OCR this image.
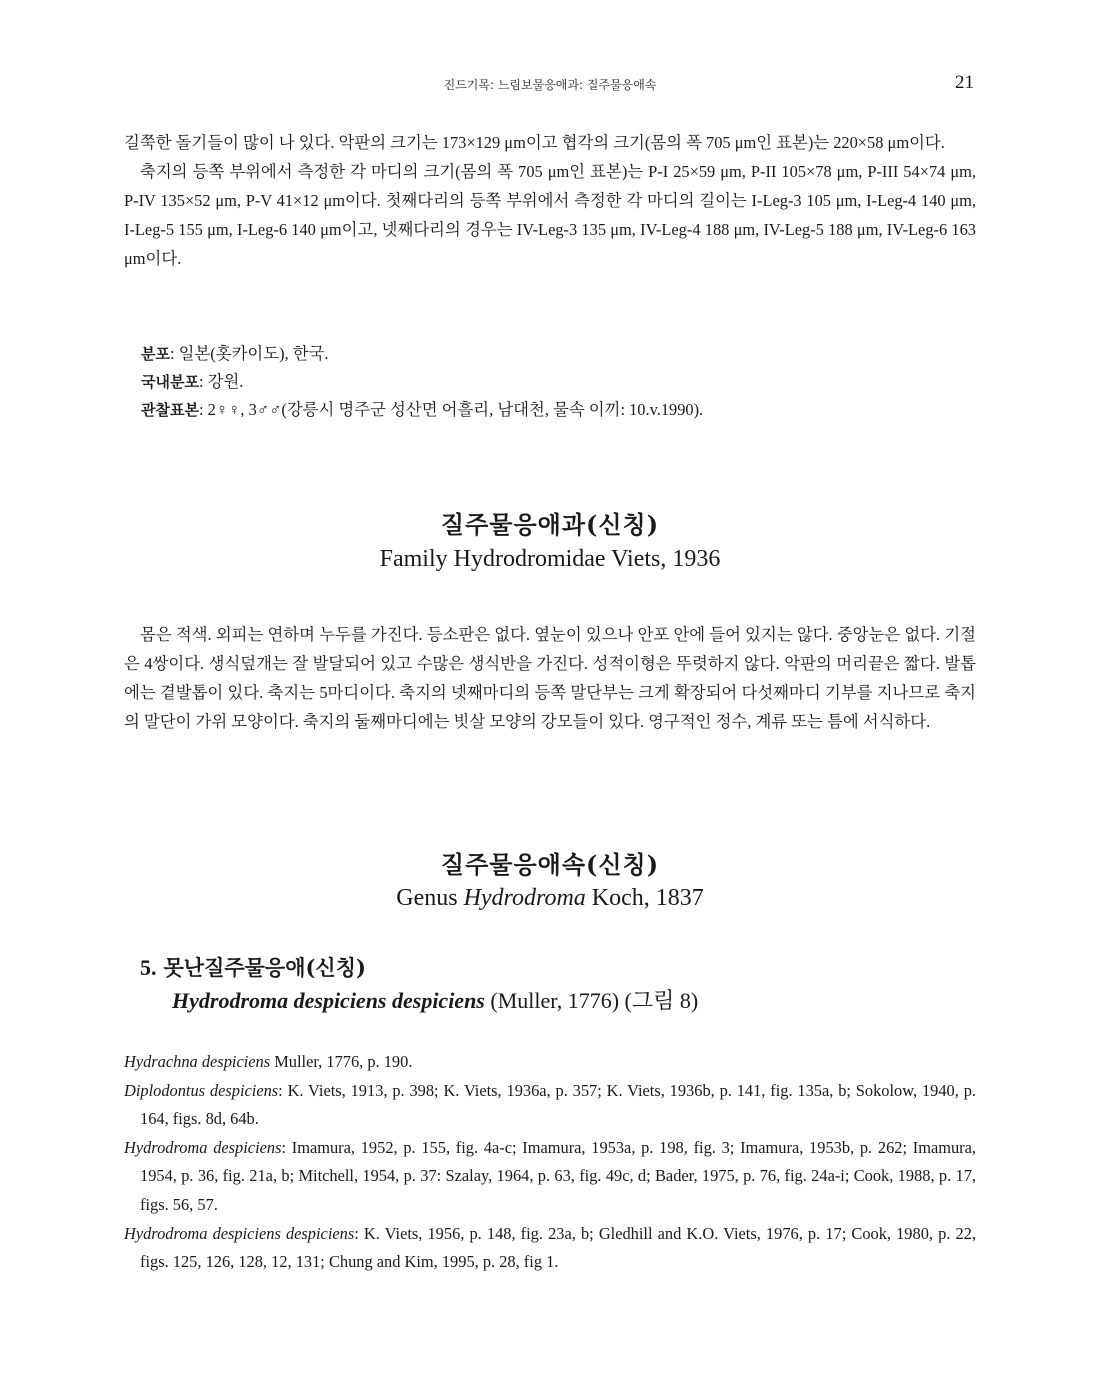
진드기목: 느림보물응애과: 질주물응애속	21

길쭉한 돌기들이 많이 나 있다. 악판의 크기는 173×129 μm이고 협각의 크기(몸의 폭 705 μm인 표본)는 220×58 μm이다.

축지의 등쪽 부위에서 측정한 각 마디의 크기(몸의 폭 705 μm인 표본)는 P-I 25×59 μm, P-II 105×78 μm, P-III 54×74 μm, P-IV 135×52 μm, P-V 41×12 μm이다. 첫째다리의 등쪽 부위에서 측정한 각 마디의 길이는 I-Leg-3 105 μm, I-Leg-4 140 μm, I-Leg-5 155 μm, I-Leg-6 140 μm이고, 넷째다리의 경우는 IV-Leg-3 135 μm, IV-Leg-4 188 μm, IV-Leg-5 188 μm, IV-Leg-6 163 μm이다.

분포: 일본(홋카이도), 한국.
국내분포: 강원.
관찰표본: 2♀♀, 3♂♂(강릉시 명주군 성산면 어흘리, 남대천, 물속 이끼: 10.v.1990).
질주물응애과(신칭)
Family Hydrodromidae Viets, 1936

몸은 적색. 외피는 연하며 누두를 가진다. 등소판은 없다. 옆눈이 있으나 안포 안에 들어 있지는 않다. 중앙눈은 없다. 기절은 4쌍이다. 생식덮개는 잘 발달되어 있고 수많은 생식반을 가진다. 성적이형은 뚜렷하지 않다. 악판의 머리끝은 짧다. 발톱에는 곁발톱이 있다. 축지는 5마디이다. 축지의 넷째마디의 등쪽 말단부는 크게 확장되어 다섯째마디 기부를 지나므로 축지의 말단이 가위 모양이다. 축지의 둘째마디에는 빗살 모양의 강모들이 있다. 영구적인 정수, 계류 또는 틈에 서식하다.

질주물응애속(신칭)
Genus Hydrodroma Koch, 1837
5. 못난질주물응애(신칭)
Hydrodroma despiciens despiciens (Muller, 1776) (그림 8)

Hydrachna despiciens Muller, 1776, p. 190.

Diplodontus despiciens: K. Viets, 1913, p. 398; K. Viets, 1936a, p. 357; K. Viets, 1936b, p. 141, fig. 135a, b; Sokolow, 1940, p. 164, figs. 8d, 64b.

Hydrodroma despiciens: Imamura, 1952, p. 155, fig. 4a-c; Imamura, 1953a, p. 198, fig. 3; Imamura, 1953b, p. 262; Imamura, 1954, p. 36, fig. 21a, b; Mitchell, 1954, p. 37: Szalay, 1964, p. 63, fig. 49c, d; Bader, 1975, p. 76, fig. 24a-i; Cook, 1988, p. 17, figs. 56, 57.

Hydrodroma despiciens despiciens: K. Viets, 1956, p. 148, fig. 23a, b; Gledhill and K.O. Viets, 1976, p. 17; Cook, 1980, p. 22, figs. 125, 126, 128, 12, 131; Chung and Kim, 1995, p. 28, fig 1.
